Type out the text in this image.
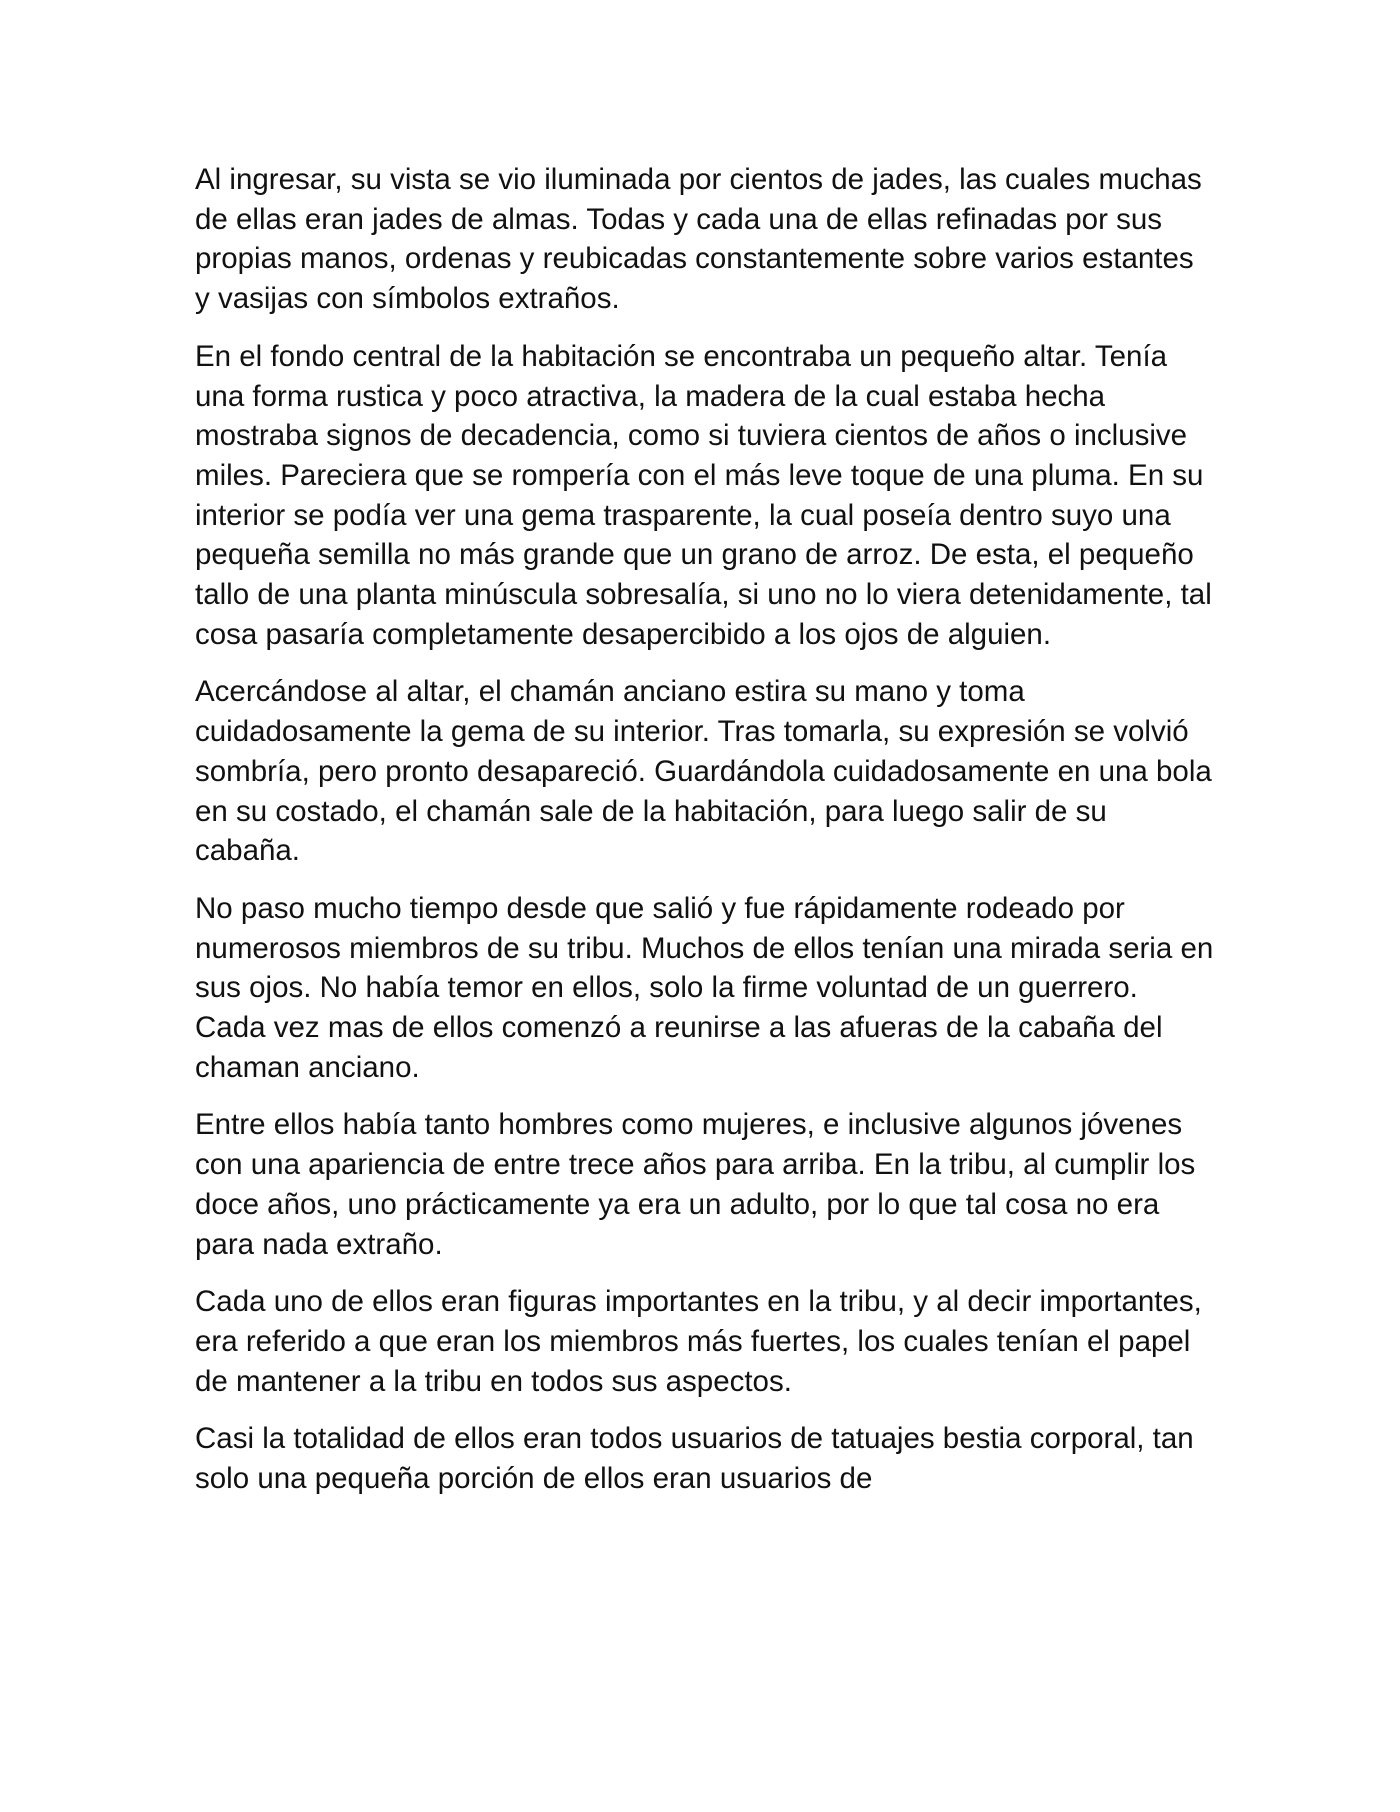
Al ingresar, su vista se vio iluminada por cientos de jades, las cuales muchas de ellas eran jades de almas. Todas y cada una de ellas refinadas por sus propias manos, ordenas y reubicadas constantemente sobre varios estantes y vasijas con símbolos extraños.

En el fondo central de la habitación se encontraba un pequeño altar. Tenía una forma rustica y poco atractiva, la madera de la cual estaba hecha mostraba signos de decadencia, como si tuviera cientos de años o inclusive miles. Pareciera que se rompería con el más leve toque de una pluma. En su interior se podía ver una gema trasparente, la cual poseía dentro suyo una pequeña semilla no más grande que un grano de arroz. De esta, el pequeño tallo de una planta minúscula sobresalía, si uno no lo viera detenidamente, tal cosa pasaría completamente desapercibido a los ojos de alguien.

Acercándose al altar, el chamán anciano estira su mano y toma cuidadosamente la gema de su interior. Tras tomarla, su expresión se volvió sombría, pero pronto desapareció. Guardándola cuidadosamente en una bola en su costado, el chamán sale de la habitación, para luego salir de su cabaña.

No paso mucho tiempo desde que salió y fue rápidamente rodeado por numerosos miembros de su tribu. Muchos de ellos tenían una mirada seria en sus ojos. No había temor en ellos, solo la firme voluntad de un guerrero. Cada vez mas de ellos comenzó a reunirse a las afueras de la cabaña del chaman anciano.

Entre ellos había tanto hombres como mujeres, e inclusive algunos jóvenes con una apariencia de entre trece años para arriba. En la tribu, al cumplir los doce años, uno prácticamente ya era un adulto, por lo que tal cosa no era para nada extraño.

Cada uno de ellos eran figuras importantes en la tribu, y al decir importantes, era referido a que eran los miembros más fuertes, los cuales tenían el papel de mantener a la tribu en todos sus aspectos.

Casi la totalidad de ellos eran todos usuarios de tatuajes bestia corporal, tan solo una pequeña porción de ellos eran usuarios de
